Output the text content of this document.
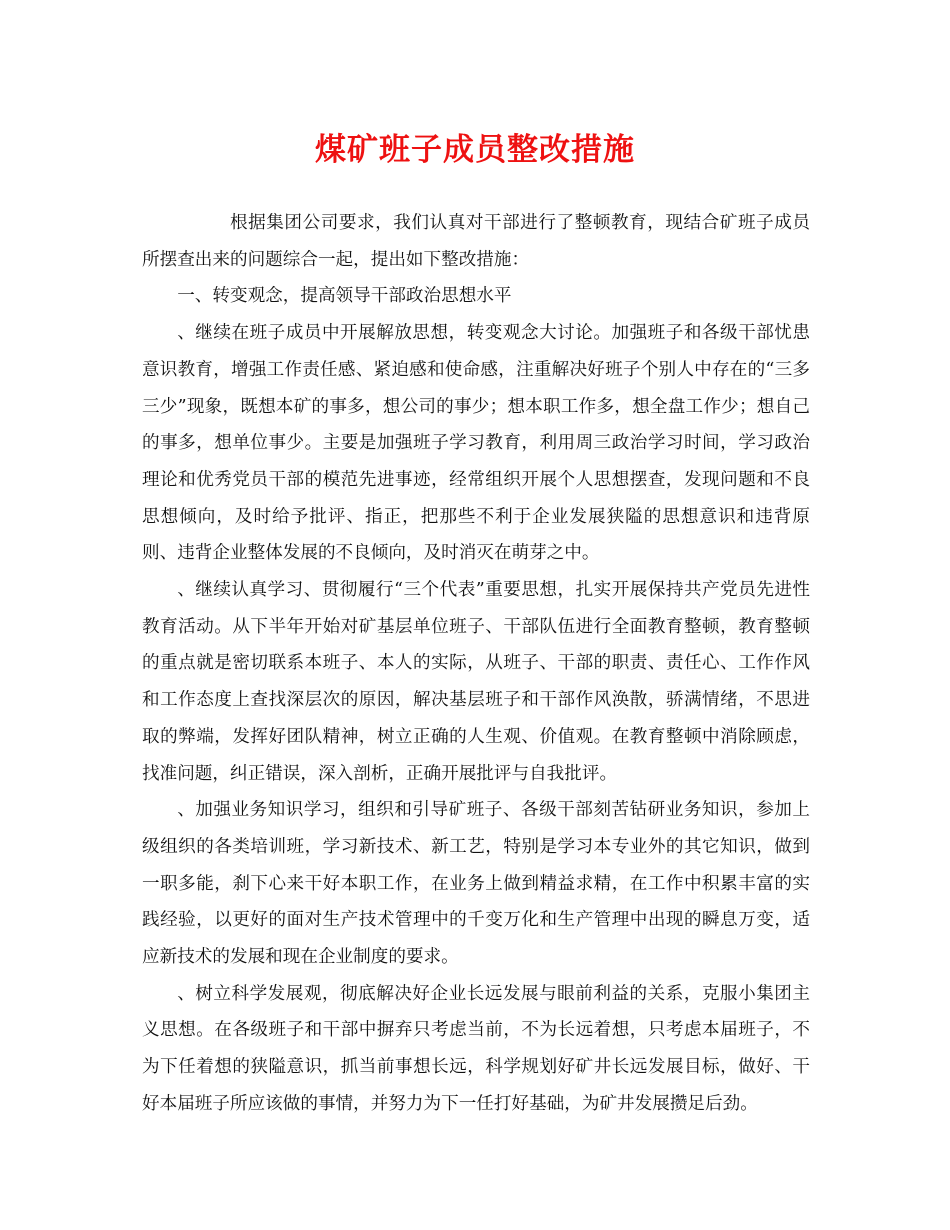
煤矿班子成员整改措施

根据集团公司要求，我们认真对干部进行了整顿教育，现结合矿班子成员所摆查出来的问题综合一起，提出如下整改措施：

一、转变观念，提高领导干部政治思想水平

、继续在班子成员中开展解放思想，转变观念大讨论。加强班子和各级干部忧患意识教育，增强工作责任感、紧迫感和使命感，注重解决好班子个别人中存在的“三多三少”现象，既想本矿的事多，想公司的事少；想本职工作多，想全盘工作少；想自己的事多，想单位事少。主要是加强班子学习教育，利用周三政治学习时间，学习政治理论和优秀党员干部的模范先进事迹，经常组织开展个人思想摆查，发现问题和不良思想倾向，及时给予批评、指正，把那些不利于企业发展狭隘的思想意识和违背原则、违背企业整体发展的不良倾向，及时消灭在萌芽之中。

、继续认真学习、贯彻履行“三个代表”重要思想，扎实开展保持共产党员先进性教育活动。从下半年开始对矿基层单位班子、干部队伍进行全面教育整顿，教育整顿的重点就是密切联系本班子、本人的实际，从班子、干部的职责、责任心、工作作风和工作态度上查找深层次的原因，解决基层班子和干部作风涣散，骄满情绪，不思进取的弊端，发挥好团队精神，树立正确的人生观、价值观。在教育整顿中消除顾虑，找准问题，纠正错误，深入剖析，正确开展批评与自我批评。

、加强业务知识学习，组织和引导矿班子、各级干部刻苦钻研业务知识，参加上级组织的各类培训班，学习新技术、新工艺，特别是学习本专业外的其它知识，做到一职多能，刹下心来干好本职工作，在业务上做到精益求精，在工作中积累丰富的实践经验，以更好的面对生产技术管理中的千变万化和生产管理中出现的瞬息万变，适应新技术的发展和现在企业制度的要求。

、树立科学发展观，彻底解决好企业长远发展与眼前利益的关系，克服小集团主义思想。在各级班子和干部中摒弃只考虑当前，不为长远着想，只考虑本届班子，不为下任着想的狭隘意识，抓当前事想长远，科学规划好矿井长远发展目标，做好、干好本届班子所应该做的事情，并努力为下一任打好基础，为矿井发展攒足后劲。
